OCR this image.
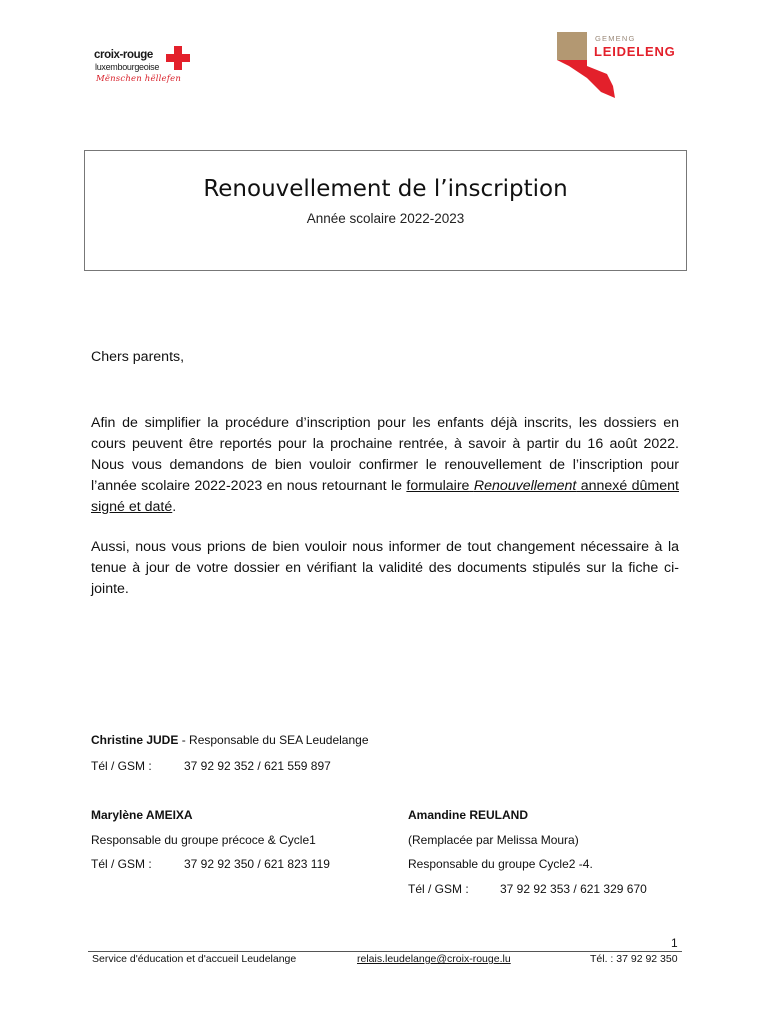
croix-rouge
luxembourgeoise
Mënschen hëllefen
GEMENG
LEIDELENG
Renouvellement de l’inscription
Année scolaire 2022-2023
Chers parents,
Afin de simplifier la procédure d’inscription pour les enfants déjà inscrits, les dossiers en cours peuvent être reportés pour la prochaine rentrée, à savoir à partir du 16 août 2022. Nous vous demandons de bien vouloir confirmer le renouvellement de l’inscription pour l’année scolaire 2022-2023 en nous retournant le formulaire Renouvellement annexé dûment signé et daté.
Aussi, nous vous prions de bien vouloir nous informer de tout changement nécessaire à la tenue à jour de votre dossier en vérifiant la validité des documents stipulés sur la fiche ci-jointe.
Christine JUDE - Responsable du SEA Leudelange
Tél / GSM :	37 92 92 352 / 621 559 897
Marylène AMEIXA
Responsable du groupe précoce & Cycle1
Tél / GSM :	37 92 92 350 / 621 823 119
Amandine REULAND
(Remplacée par Melissa Moura)
Responsable du groupe Cycle2 -4.
Tél / GSM :	37 92 92 353 / 621 329 670
1
Service d'éducation et d'accueil Leudelange	relais.leudelange@croix-rouge.lu	Tél. : 37 92 92 350
